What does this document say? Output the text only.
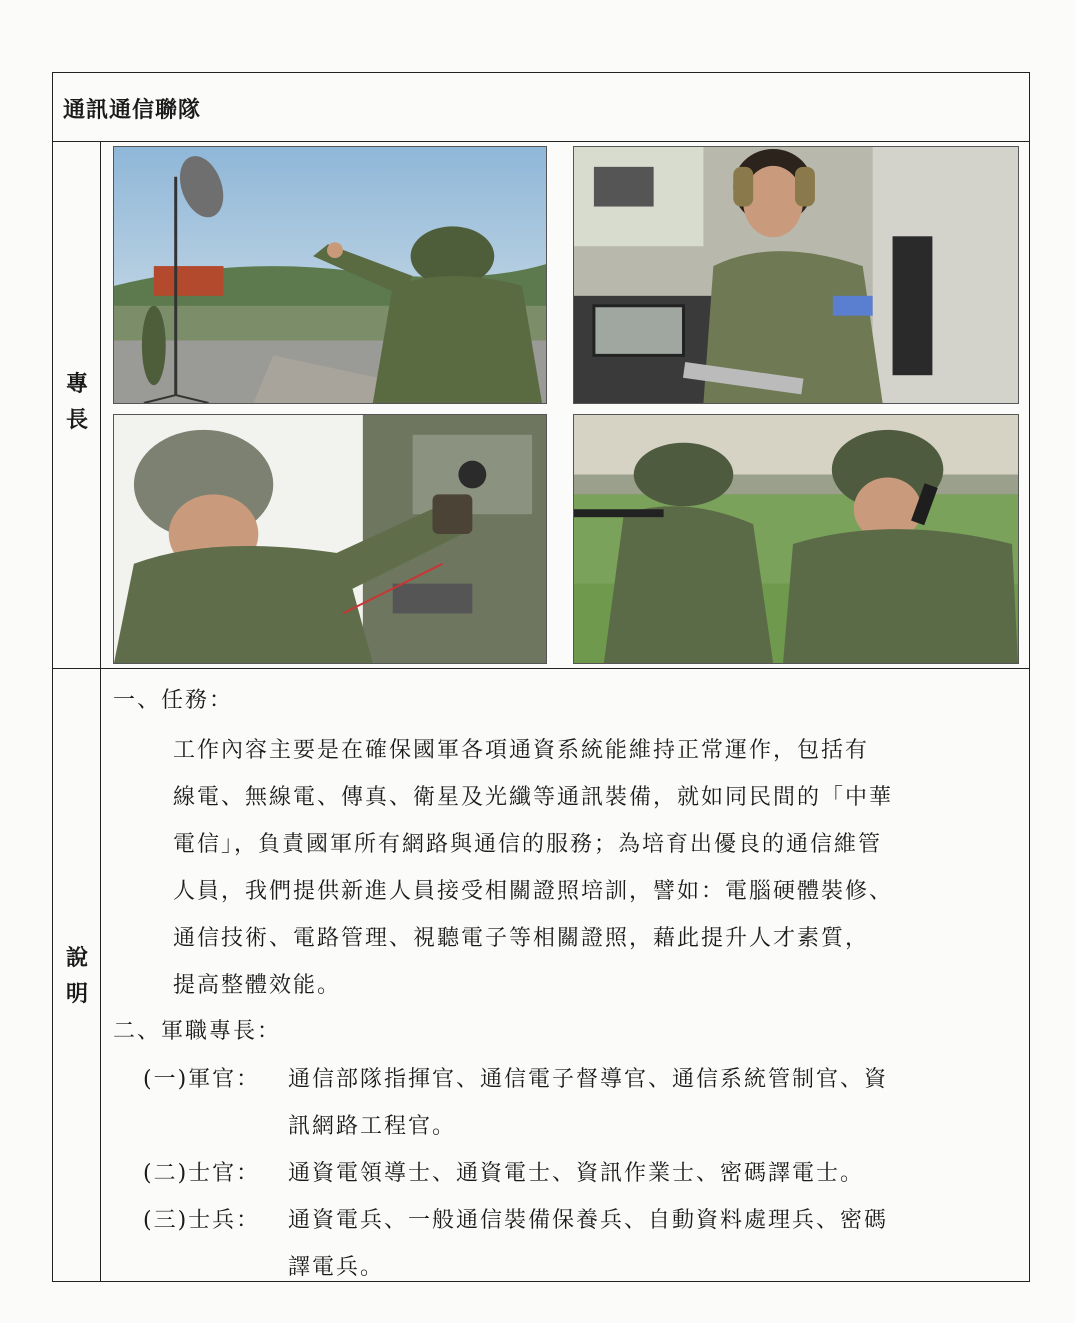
通訊通信聯隊
專
長
說
明
一、任務：
工作內容主要是在確保國軍各項通資系統能維持正常運作，包括有
線電、無線電、傳真、衛星及光纖等通訊裝備，就如同民間的「中華
電信」，負責國軍所有網路與通信的服務；為培育出優良的通信維管
人員，我們提供新進人員接受相關證照培訓，譬如：電腦硬體裝修、
通信技術、電路管理、視聽電子等相關證照，藉此提升人才素質，
提高整體效能。
二、軍職專長：
(一)軍官： 通信部隊指揮官、通信電子督導官、通信系統管制官、資
訊網路工程官。
(二)士官： 通資電領導士、通資電士、資訊作業士、密碼譯電士。
(三)士兵： 通資電兵、一般通信裝備保養兵、自動資料處理兵、密碼
譯電兵。
